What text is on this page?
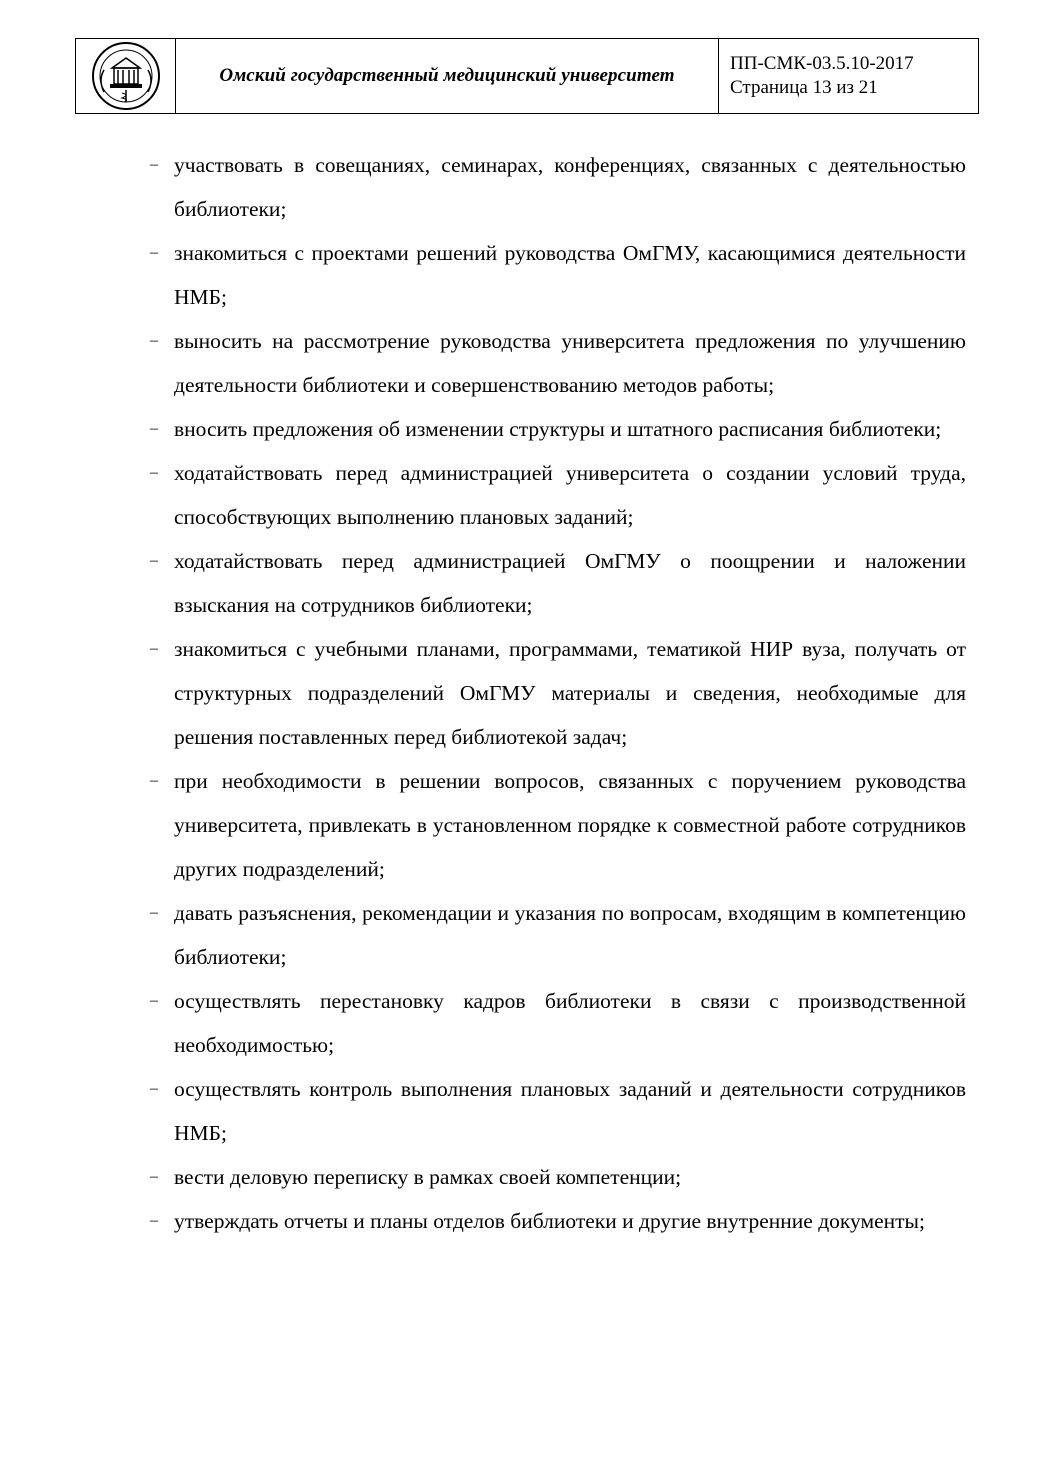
Омский государственный медицинский университет
ПП-СМК-03.5.10-2017
Страница 13 из 21
– участвовать в совещаниях, семинарах, конференциях, связанных с деятельностью библиотеки;
– знакомиться с проектами решений руководства ОмГМУ, касающимися деятельности НМБ;
– выносить на рассмотрение руководства университета предложения по улучшению деятельности библиотеки и совершенствованию методов работы;
– вносить предложения об изменении структуры и штатного расписания библиотеки;
– ходатайствовать перед администрацией университета о создании условий труда, способствующих выполнению плановых заданий;
– ходатайствовать перед администрацией ОмГМУ о поощрении и наложении взыскания на сотрудников библиотеки;
– знакомиться с учебными планами, программами, тематикой НИР вуза, получать от структурных подразделений ОмГМУ материалы и сведения, необходимые для решения поставленных перед библиотекой задач;
– при необходимости в решении вопросов, связанных с поручением руководства университета, привлекать в установленном порядке к совместной работе сотрудников других подразделений;
– давать разъяснения, рекомендации и указания по вопросам, входящим в компетенцию библиотеки;
– осуществлять перестановку кадров библиотеки в связи с производственной необходимостью;
– осуществлять контроль выполнения плановых заданий и деятельности сотрудников НМБ;
– вести деловую переписку в рамках своей компетенции;
– утверждать отчеты и планы отделов библиотеки и другие внутренние документы;
